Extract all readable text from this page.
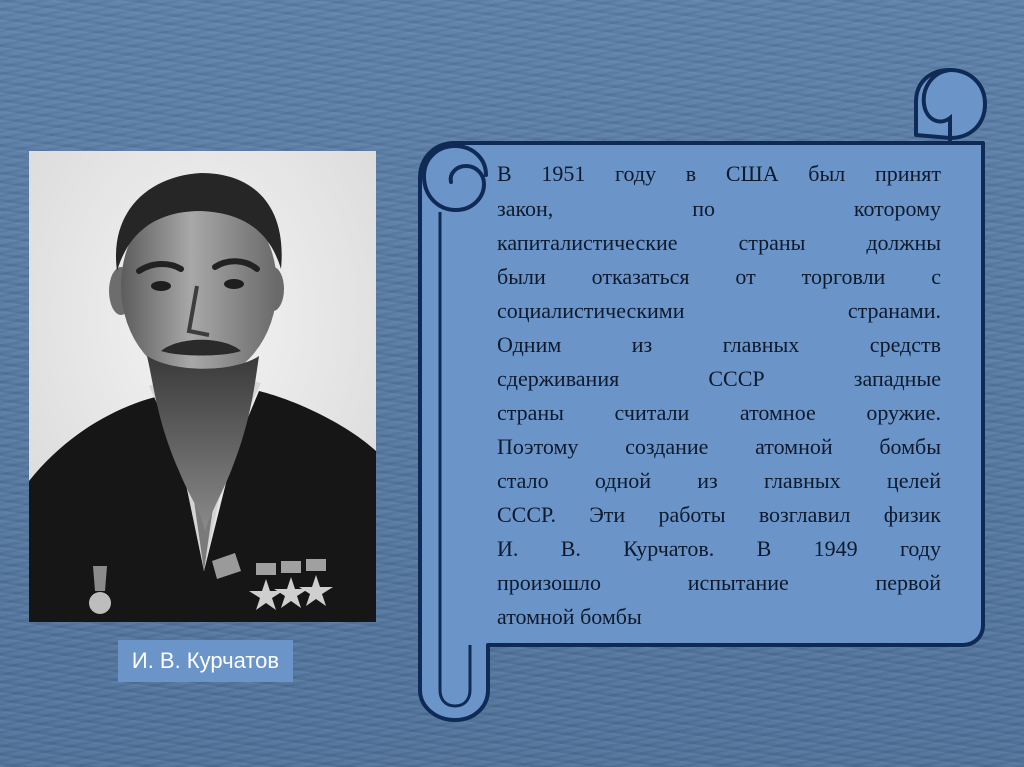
И. В. Курчатов
В 1951 году в США был принят
закон, по которому
капиталистические страны должны
были отказаться от торговли с
социалистическими странами.
Одним из главных средств
сдерживания СССР западные
страны считали атомное оружие.
Поэтому создание атомной бомбы
стало одной из главных целей
СССР. Эти работы возглавил физик
И. В. Курчатов. В 1949 году
произошло испытание первой
атомной бомбы
